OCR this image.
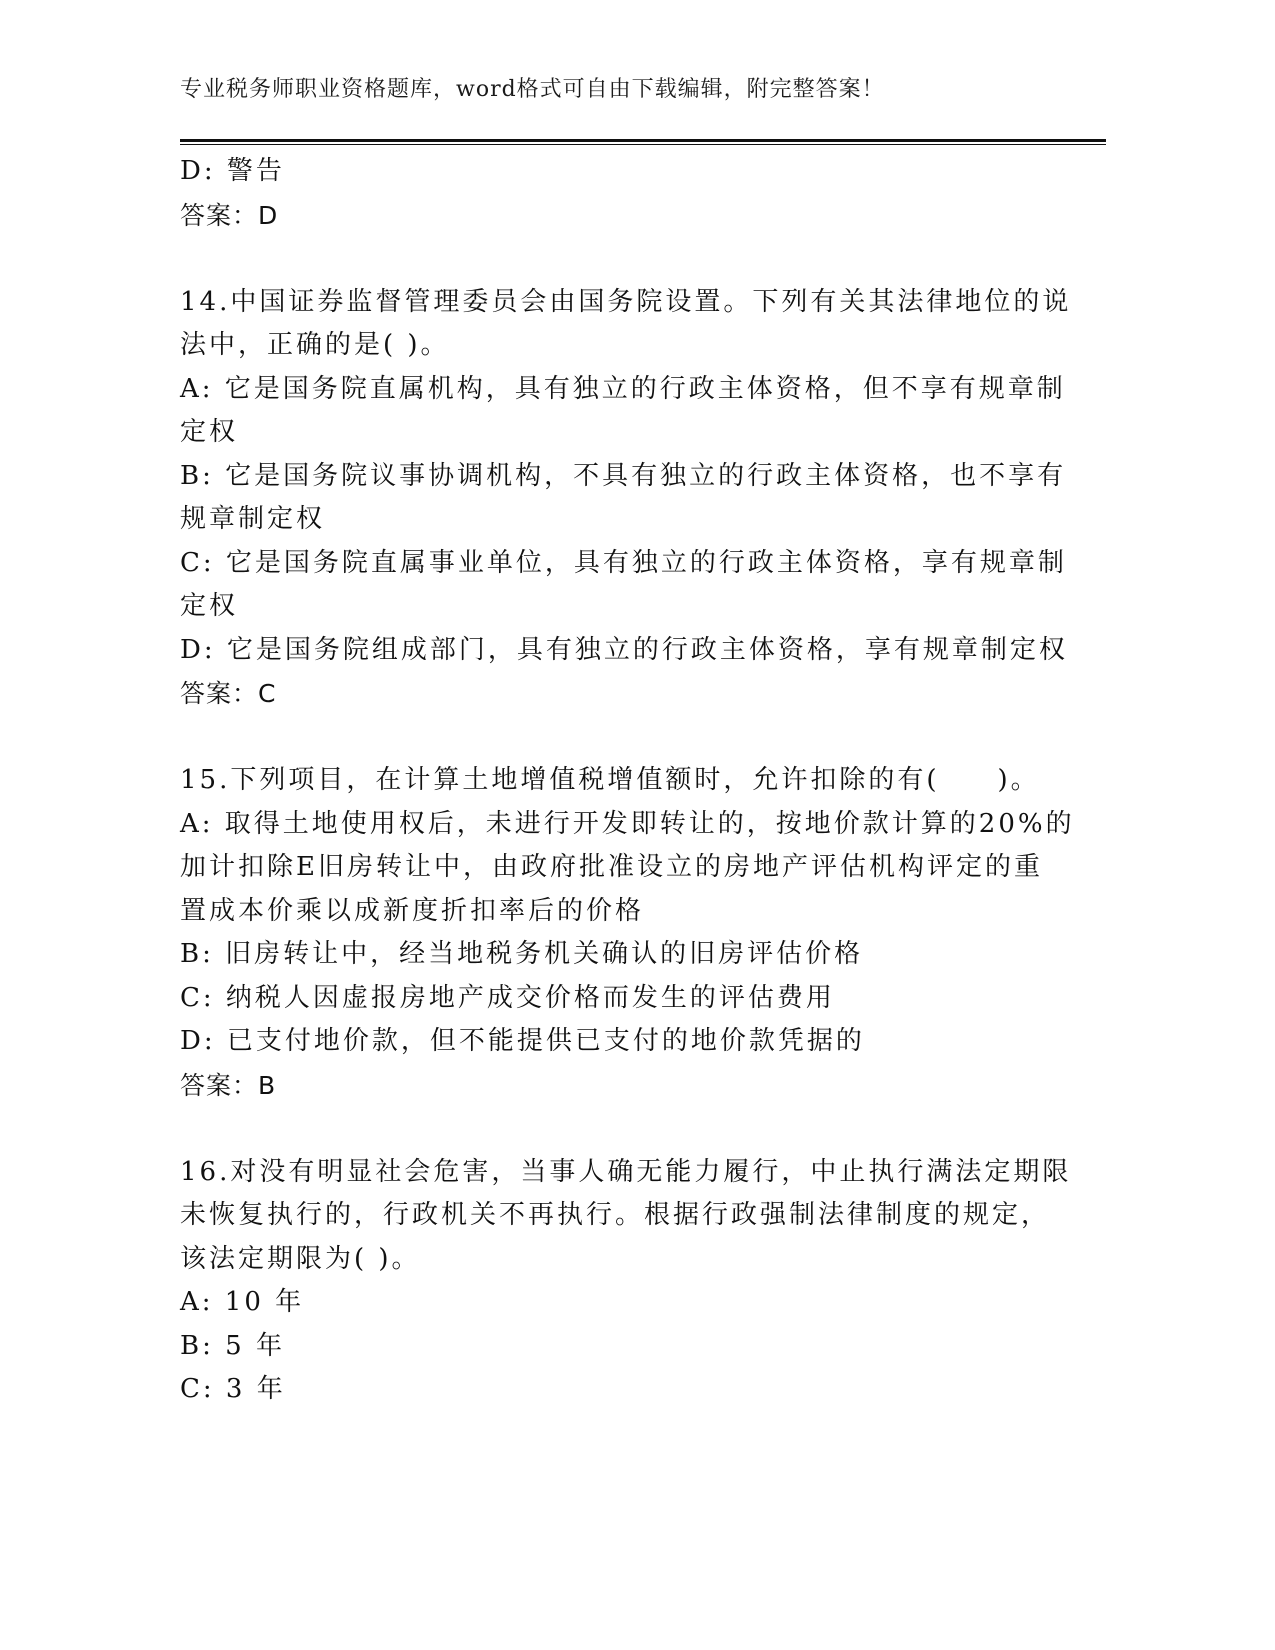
专业税务师职业资格题库，word格式可自由下载编辑，附完整答案！
D: 警告
答案：D
14.中国证券监督管理委员会由国务院设置。下列有关其法律地位的说
法中，正确的是( )。
A: 它是国务院直属机构，具有独立的行政主体资格，但不享有规章制
定权
B: 它是国务院议事协调机构，不具有独立的行政主体资格，也不享有
规章制定权
C: 它是国务院直属事业单位，具有独立的行政主体资格，享有规章制
定权
D: 它是国务院组成部门，具有独立的行政主体资格，享有规章制定权
答案：C
15.下列项目，在计算土地增值税增值额时，允许扣除的有(　　)。
A: 取得土地使用权后，未进行开发即转让的，按地价款计算的20%的
加计扣除E旧房转让中，由政府批准设立的房地产评估机构评定的重
置成本价乘以成新度折扣率后的价格
B: 旧房转让中，经当地税务机关确认的旧房评估价格
C: 纳税人因虚报房地产成交价格而发生的评估费用
D: 已支付地价款，但不能提供已支付的地价款凭据的
答案：B
16.对没有明显社会危害，当事人确无能力履行，中止执行满法定期限
未恢复执行的，行政机关不再执行。根据行政强制法律制度的规定，
该法定期限为( )。
A: 10 年
B: 5 年
C: 3 年
